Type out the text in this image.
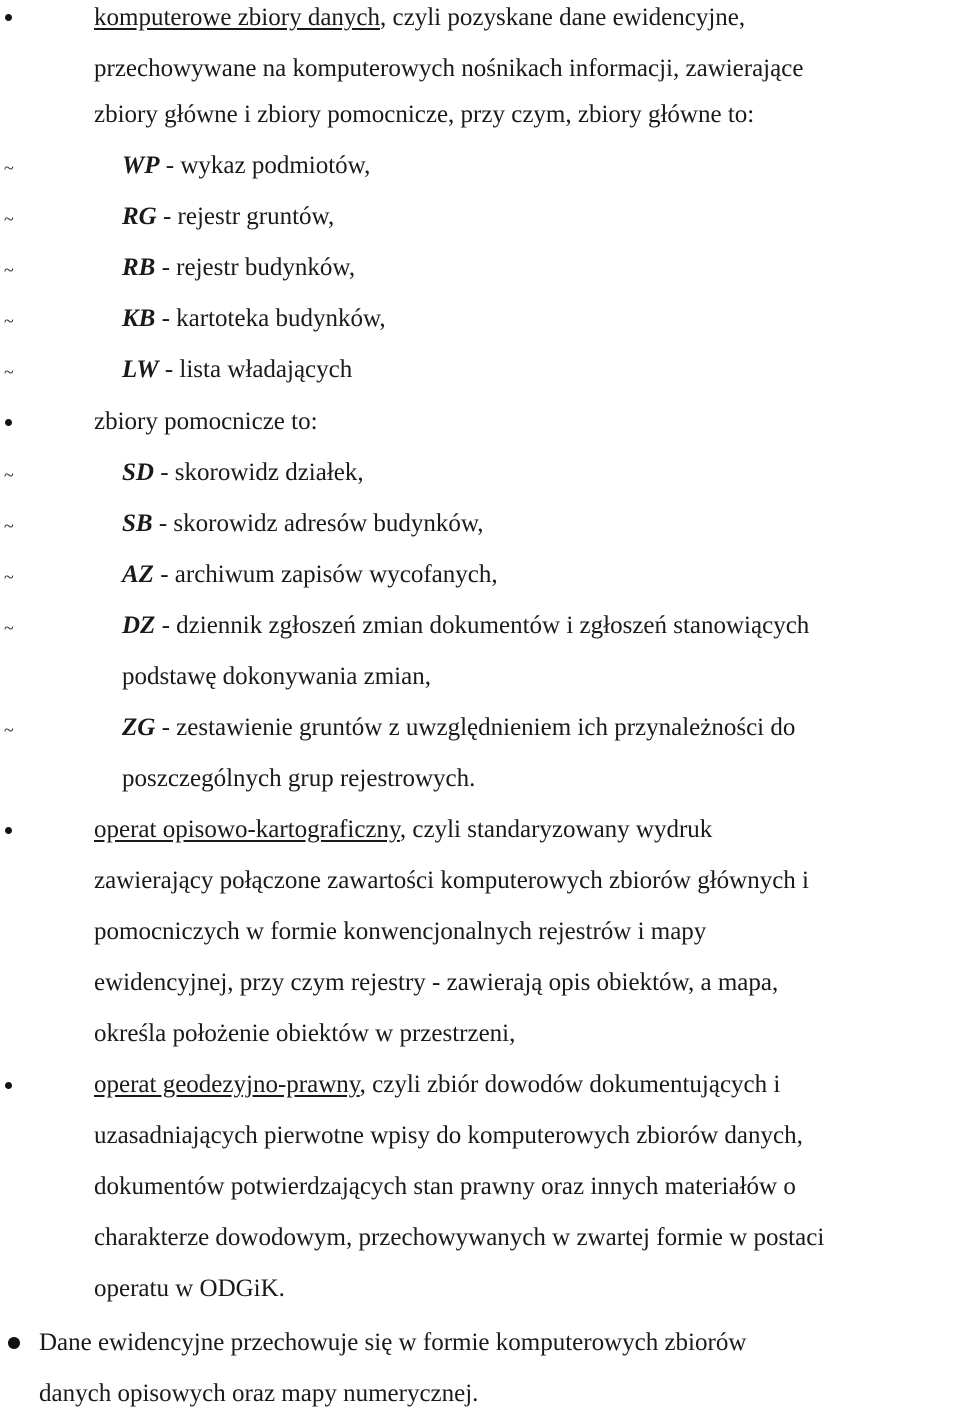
komputerowe zbiory danych, czyli pozyskane dane ewidencyjne,
przechowywane na komputerowych nośnikach informacji, zawierające
zbiory główne i zbiory pomocnicze, przy czym, zbiory główne to:
~	WP - wykaz podmiotów,
~	RG - rejestr gruntów,
~	RB - rejestr budynków,
~	KB - kartoteka budynków,
~	LW - lista władających
zbiory pomocnicze to:
~	SD - skorowidz działek,
~	SB - skorowidz adresów budynków,
~	AZ - archiwum zapisów wycofanych,
~	DZ - dziennik zgłoszeń zmian dokumentów i zgłoszeń stanowiących
podstawę dokonywania zmian,
~	ZG - zestawienie gruntów z uwzględnieniem ich przynależności do
poszczególnych grup rejestrowych.
operat opisowo-kartograficzny, czyli standaryzowany wydruk
zawierający połączone zawartości komputerowych zbiorów głównych i
pomocniczych w formie konwencjonalnych rejestrów i mapy
ewidencyjnej, przy czym rejestry - zawierają opis obiektów, a mapa,
określa położenie obiektów w przestrzeni,
operat geodezyjno-prawny, czyli zbiór dowodów dokumentujących i
uzasadniających pierwotne wpisy do komputerowych zbiorów danych,
dokumentów potwierdzających stan prawny oraz innych materiałów o
charakterze dowodowym, przechowywanych w zwartej formie w postaci
operatu w ODGiK.
Dane ewidencyjne przechowuje się w formie komputerowych zbiorów
danych opisowych oraz mapy numerycznej.
